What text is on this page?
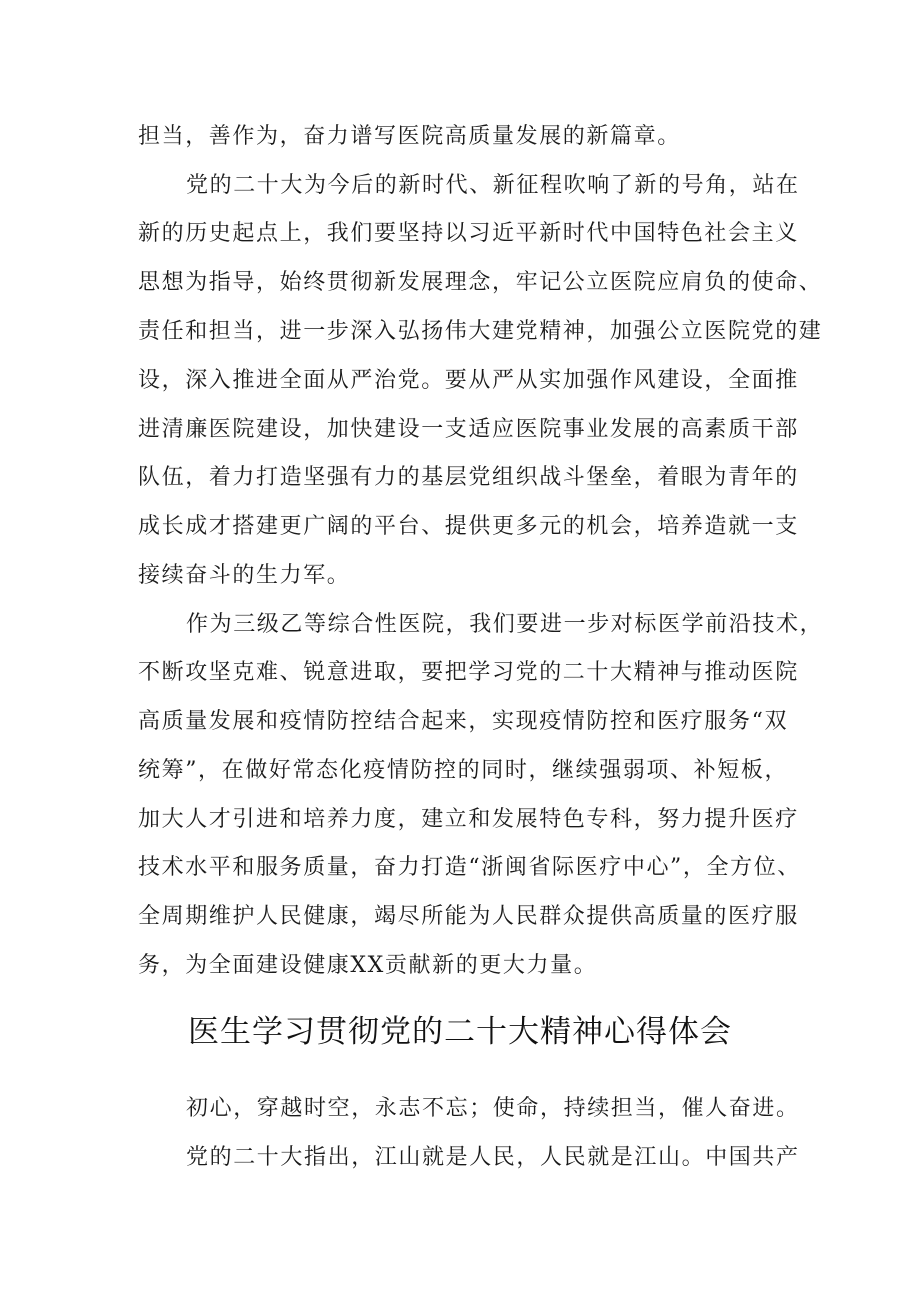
担当，善作为，奋力谱写医院高质量发展的新篇章。
党的二十大为今后的新时代、新征程吹响了新的号角，站在
新的历史起点上，我们要坚持以习近平新时代中国特色社会主义
思想为指导，始终贯彻新发展理念，牢记公立医院应肩负的使命、
责任和担当，进一步深入弘扬伟大建党精神，加强公立医院党的建
设，深入推进全面从严治党。要从严从实加强作风建设，全面推
进清廉医院建设，加快建设一支适应医院事业发展的高素质干部
队伍，着力打造坚强有力的基层党组织战斗堡垒，着眼为青年的
成长成才搭建更广阔的平台、提供更多元的机会，培养造就一支
接续奋斗的生力军。
作为三级乙等综合性医院，我们要进一步对标医学前沿技术，
不断攻坚克难、锐意进取，要把学习党的二十大精神与推动医院
高质量发展和疫情防控结合起来，实现疫情防控和医疗服务“双
统筹”，在做好常态化疫情防控的同时，继续强弱项、补短板，
加大人才引进和培养力度，建立和发展特色专科，努力提升医疗
技术水平和服务质量，奋力打造“浙闽省际医疗中心”，全方位、
全周期维护人民健康，竭尽所能为人民群众提供高质量的医疗服
务，为全面建设健康XX贡献新的更大力量。
医生学习贯彻党的二十大精神心得体会
初心，穿越时空，永志不忘；使命，持续担当，催人奋进。
党的二十大指出，江山就是人民，人民就是江山。中国共产
